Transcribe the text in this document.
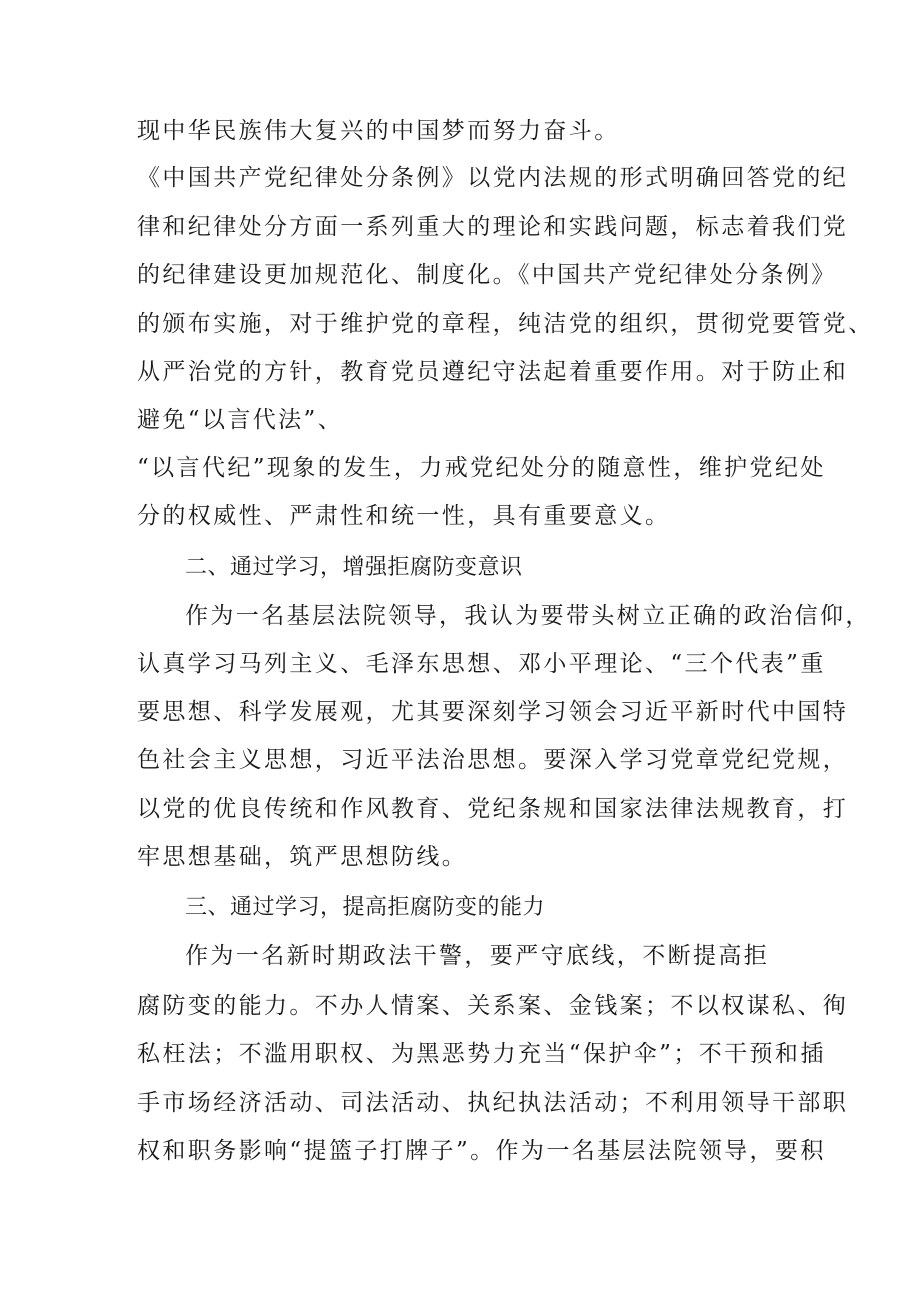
现中华民族伟大复兴的中国梦而努力奋斗。
《中国共产党纪律处分条例》以党内法规的形式明确回答党的纪
律和纪律处分方面一系列重大的理论和实践问题，标志着我们党
的纪律建设更加规范化、制度化。《中国共产党纪律处分条例》
的颁布实施，对于维护党的章程，纯洁党的组织，贯彻党要管党、
从严治党的方针，教育党员遵纪守法起着重要作用。对于防止和
避免“以言代法”、
“以言代纪”现象的发生，力戒党纪处分的随意性，维护党纪处
分的权威性、严肃性和统一性，具有重要意义。
二、通过学习，增强拒腐防变意识
作为一名基层法院领导，我认为要带头树立正确的政治信仰，
认真学习马列主义、毛泽东思想、邓小平理论、“三个代表”重
要思想、科学发展观，尤其要深刻学习领会习近平新时代中国特
色社会主义思想，习近平法治思想。要深入学习党章党纪党规，
以党的优良传统和作风教育、党纪条规和国家法律法规教育，打
牢思想基础，筑严思想防线。
三、通过学习，提高拒腐防变的能力
作为一名新时期政法干警，要严守底线，不断提高拒
腐防变的能力。不办人情案、关系案、金钱案；不以权谋私、徇
私枉法；不滥用职权、为黑恶势力充当“保护伞”；不干预和插
手市场经济活动、司法活动、执纪执法活动；不利用领导干部职
权和职务影响“提篮子打牌子”。作为一名基层法院领导，要积
